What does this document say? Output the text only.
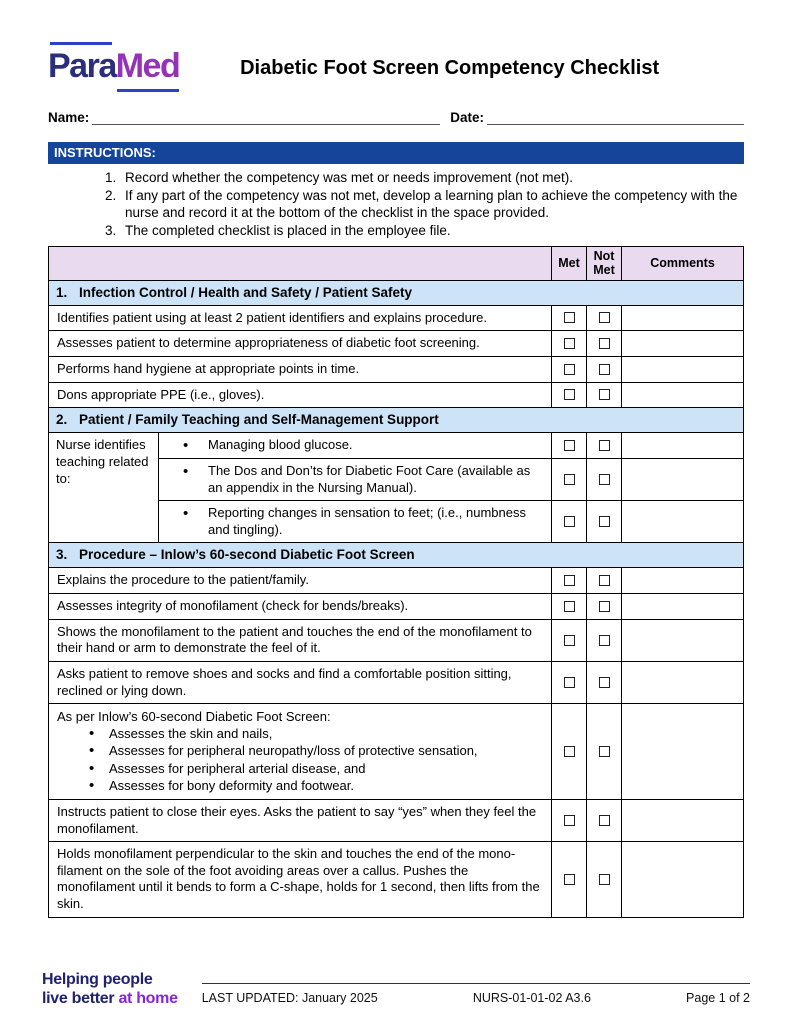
ParaMed	Diabetic Foot Screen Competency Checklist
Name:	Date:
INSTRUCTIONS:
1. Record whether the competency was met or needs improvement (not met).
2. If any part of the competency was not met, develop a learning plan to achieve the competency with the nurse and record it at the bottom of the checklist in the space provided.
3. The completed checklist is placed in the employee file.
		Met	Not Met	Comments
1. Infection Control / Health and Safety / Patient Safety				
Identifies patient using at least 2 patient identifiers and explains procedure.				
Assesses patient to determine appropriateness of diabetic foot screening.				
Performs hand hygiene at appropriate points in time.				
Dons appropriate PPE (i.e., gloves).				
2. Patient / Family Teaching and Self-Management Support				
Nurse identifies teaching related to:	• Managing blood glucose.

	• The Dos and Don’ts for Diabetic Foot Care (available as an appendix in the Nursing Manual).

	• Reporting changes in sensation to feet; (i.e., numbness and tingling).

3. Procedure – Inlow’s 60-second Diabetic Foot Screen				
Explains the procedure to the patient/family.				
Assesses integrity of monofilament (check for bends/breaks).				
Shows the monofilament to the patient and touches the end of the monofilament to their hand or arm to demonstrate the feel of it.				
Asks patient to remove shoes and socks and find a comfortable position sitting, reclined or lying down.				

As per Inlow’s 60-second Diabetic Foot Screen:
• Assesses the skin and nails,
• Assesses for peripheral neuropathy/loss of protective sensation,
• Assesses for peripheral arterial disease, and
• Assesses for bony deformity and footwear.

Instructs patient to close their eyes. Asks the patient to say “yes” when they feel the monofilament.				
Holds monofilament perpendicular to the skin and touches the end of the mono-filament on the sole of the foot avoiding areas over a callus. Pushes the monofilament until it bends to form a C-shape, holds for 1 second, then lifts from the skin.				
Helping people
live better at home LAST UPDATED: January 2025	NURS-01-01-02 A3.6	Page 1 of 2
